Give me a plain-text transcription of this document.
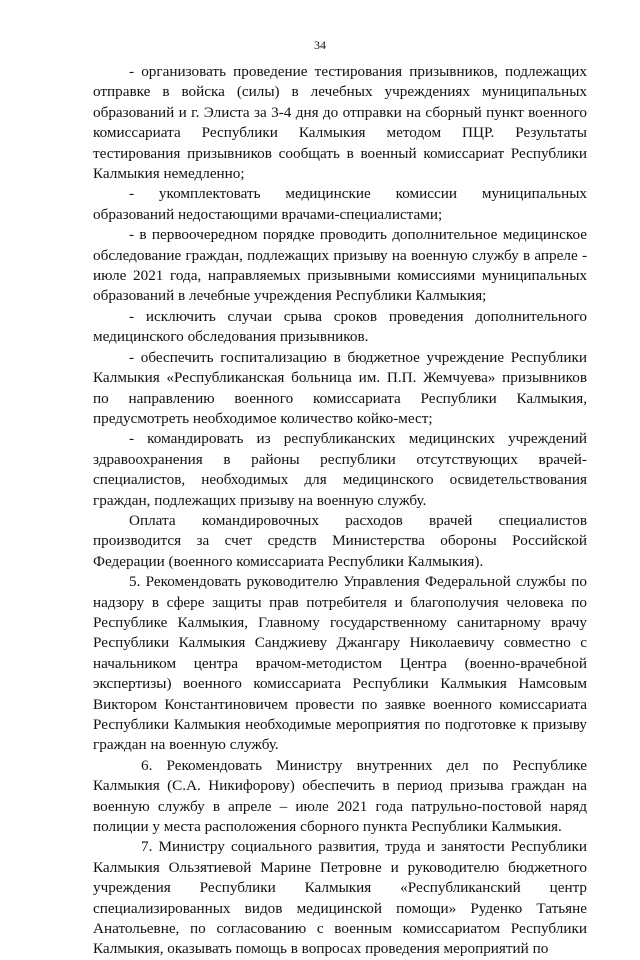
34

- организовать проведение тестирования призывников, подлежащих отправке в войска (силы) в лечебных учреждениях муниципальных образований и г. Элиста за 3-4 дня до отправки на сборный пункт военного комиссариата Республики Калмыкия методом ПЦР. Результаты тестирования призывников сообщать в военный комиссариат Республики Калмыкия немедленно;

- укомплектовать медицинские комиссии муниципальных образований недостающими врачами-специалистами;

- в первоочередном порядке проводить дополнительное медицинское обследование граждан, подлежащих призыву на военную службу в апреле - июле 2021 года, направляемых призывными комиссиями муниципальных образований в лечебные учреждения Республики Калмыкия;

- исключить случаи срыва сроков проведения дополнительного медицинского обследования призывников.

- обеспечить госпитализацию в бюджетное учреждение Республики Калмыкия «Республиканская больница им. П.П. Жемчуева» призывников по направлению военного комиссариата Республики Калмыкия, предусмотреть необходимое количество койко-мест;

- командировать из республиканских медицинских учреждений здравоохранения в районы республики отсутствующих врачей-специалистов, необходимых для медицинского освидетельствования граждан, подлежащих призыву на военную службу.

Оплата командировочных расходов врачей специалистов производится за счет средств Министерства обороны Российской Федерации (военного комиссариата Республики Калмыкия).

5. Рекомендовать руководителю Управления Федеральной службы по надзору в сфере защиты прав потребителя и благополучия человека по Республике Калмыкия, Главному государственному санитарному врачу Республики Калмыкия Санджиеву Джангару Николаевичу совместно с начальником центра врачом-методистом Центра (военно-врачебной экспертизы) военного комиссариата Республики Калмыкия Намсовым Виктором Константиновичем провести по заявке военного комиссариата Республики Калмыкия необходимые мероприятия по подготовке к призыву граждан на военную службу.

6. Рекомендовать Министру внутренних дел по Республике Калмыкия (С.А. Никифорову) обеспечить в период призыва граждан на военную службу в апреле – июле 2021 года патрульно-постовой наряд полиции у места расположения сборного пункта Республики Калмыкия.

7. Министру социального развития, труда и занятости Республики Калмыкия Ользятиевой Марине Петровне и руководителю бюджетного учреждения Республики Калмыкия «Республиканский центр специализированных видов медицинской помощи» Руденко Татьяне Анатольевне, по согласованию с военным комиссариатом Республики Калмыкия, оказывать помощь в вопросах проведения мероприятий по
